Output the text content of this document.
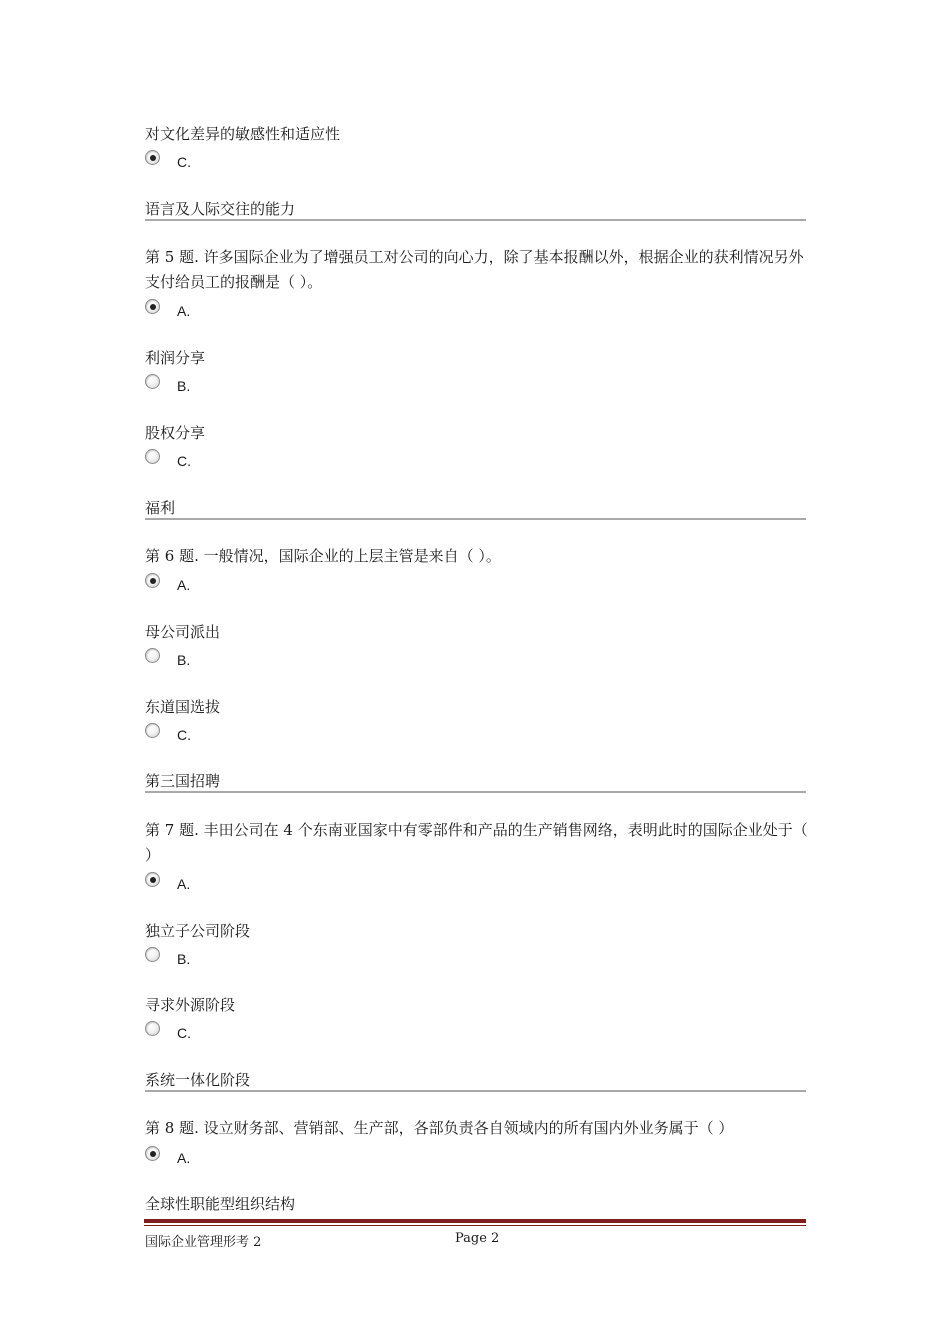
对文化差异的敏感性和适应性
C.
语言及人际交往的能力
第 5 题. 许多国际企业为了增强员工对公司的向心力，除了基本报酬以外，根据企业的获利情况另外支付给员工的报酬是（ ）。
A.
利润分享
B.
股权分享
C.
福利
第 6 题. 一般情况，国际企业的上层主管是来自（ ）。
A.
母公司派出
B.
东道国选拔
C.
第三国招聘
第 7 题. 丰田公司在 4 个东南亚国家中有零部件和产品的生产销售网络，表明此时的国际企业处于（ ）
A.
独立子公司阶段
B.
寻求外源阶段
C.
系统一体化阶段
第 8 题. 设立财务部、营销部、生产部，各部负责各自领域内的所有国内外业务属于（ ）
A.
全球性职能型组织结构
国际企业管理形考 2	Page 2
